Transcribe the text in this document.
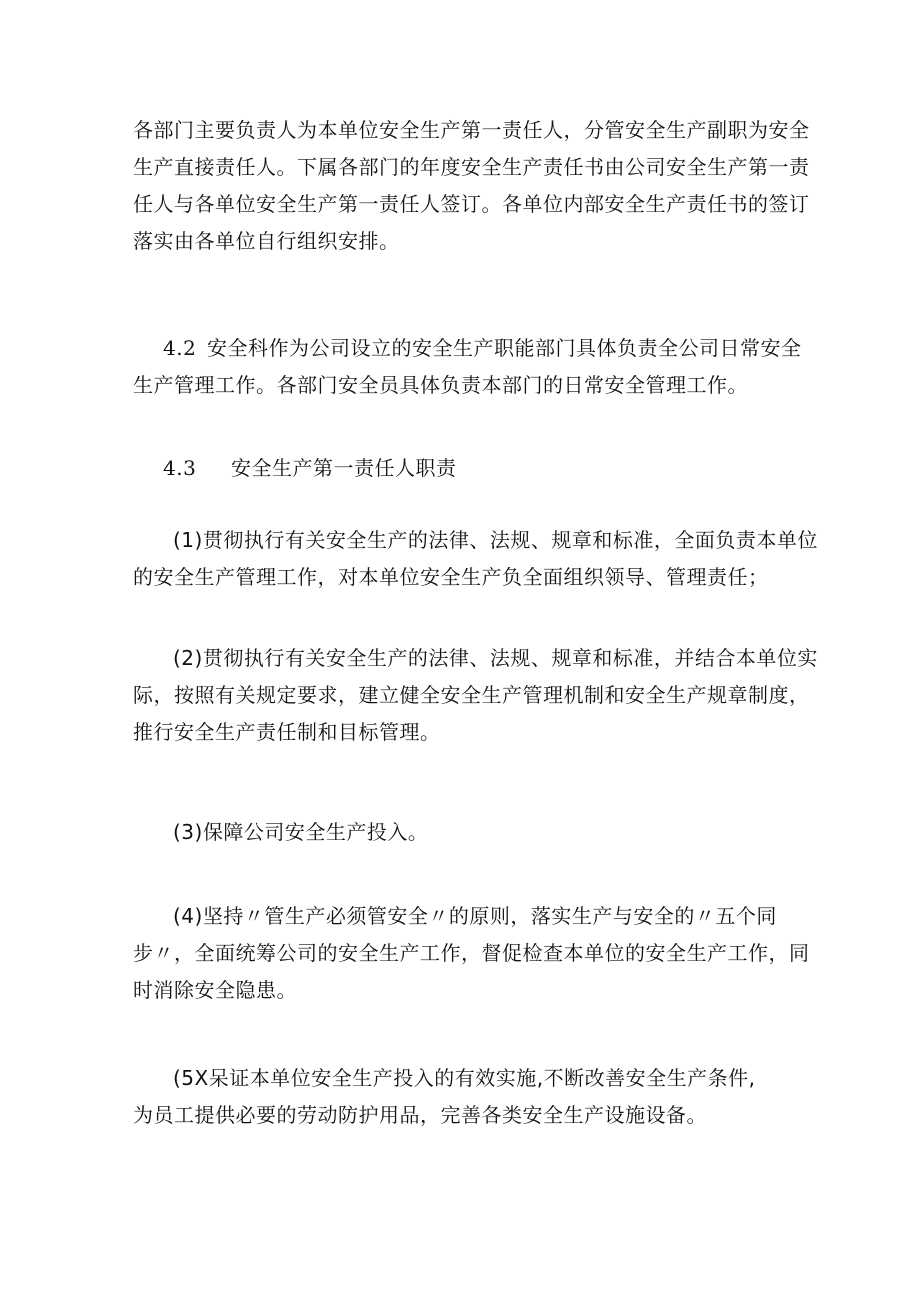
各部门主要负责人为本单位安全生产第一责任人，分管安全生产副职为安全
生产直接责任人。下属各部门的年度安全生产责任书由公司安全生产第一责
任人与各单位安全生产第一责任人签订。各单位内部安全生产责任书的签订
落实由各单位自行组织安排。
4.2 安全科作为公司设立的安全生产职能部门具体负责全公司日常安全
生产管理工作。各部门安全员具体负责本部门的日常安全管理工作。
4.3 安全生产第一责任人职责
(1)贯彻执行有关安全生产的法律、法规、规章和标准，全面负责本单位
的安全生产管理工作，对本单位安全生产负全面组织领导、管理责任；
(2)贯彻执行有关安全生产的法律、法规、规章和标准，并结合本单位实
际，按照有关规定要求，建立健全安全生产管理机制和安全生产规章制度，
推行安全生产责任制和目标管理。
(3)保障公司安全生产投入。
(4)坚持〃管生产必须管安全〃的原则，落实生产与安全的〃五个同
步〃，全面统筹公司的安全生产工作，督促检查本单位的安全生产工作，同
时消除安全隐患。
(5X呆证本单位安全生产投入的有效实施,不断改善安全生产条件,
为员工提供必要的劳动防护用品，完善各类安全生产设施设备。
